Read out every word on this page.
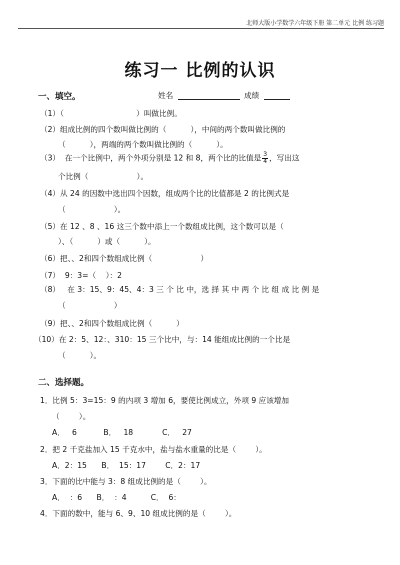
北师大版小学数学六年级下册 第二单元 比例 练习题
练习一 比例的认识
一、填空。	姓名	成绩
（1）（                              ）叫做比例。
（2）组成比例的四个数叫做比例的（          ），中间的两个数叫做比例的
（          ），两端的两个数叫做比例的（          ）。
（3）  在一个比例中，两个外项分别是 12 和 8，两个比的比值是 $\frac{3}{4}$ ，写出这
个比例（                    ）。
（4）从 24 的因数中选出四个因数，组成两个比的比值都是 2 的比例式是
（                    ）。
（5）在 12 、8 、16 这三个数中添上一个数组成比例，这个数可以是（
）、（          ）或（          ）。
（6）把、、2和四个数组成比例（                    ）
（7）  9：3=（    ）：2
（8）   在 3：15、9：45、4：3 三 个 比 中，选 择 其 中 两 个 比 组 成 比 例 是
（                    ）
（9）把、、2和四个数组成比例（          ）
（10）在 2：5、12：、310：15 三个比中，与：14 能组成比例的一个比是
（          ）。
二、选择题。
1．比例 5：3=15：9 的内项 3 增加 6，要使比例成立，外项 9 应该增加
（        ）。
A．   6           B．   18            C．   27
2．把 2 千克盐加入 15 千克水中，盐与盐水重量的比是（        ）。
A．2：15      B．  15：17        C．2：17
3．下面的比中能与 3：8 组成比例的是（        ）。
A．  ：6      B．  ：4          C．  6：
4．下面的数中，能与 6、9、10 组成比例的是（        ）。
